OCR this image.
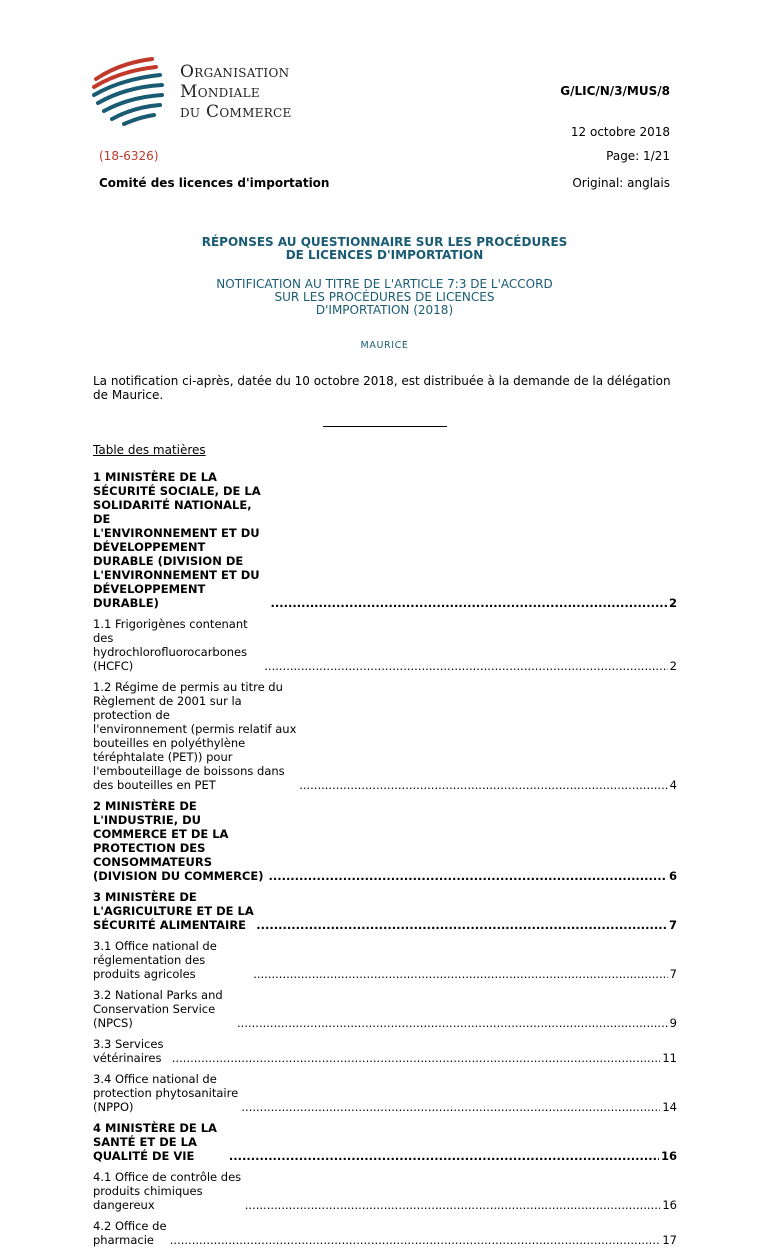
Organisation
Mondiale
du Commerce
G/LIC/N/3/MUS/8
12 octobre 2018
(18-6326)	Page: 1/21
Comité des licences d'importation	Original: anglais
RÉPONSES AU QUESTIONNAIRE SUR LES PROCÉDURES
DE LICENCES D'IMPORTATION
NOTIFICATION AU TITRE DE L'ARTICLE 7:3 DE L'ACCORD
SUR LES PROCÉDURES DE LICENCES
D'IMPORTATION (2018)
MAURICE
La notification ci-après, datée du 10 octobre 2018, est distribuée à la demande de la délégation de Maurice.
Table des matières
1 MINISTÈRE DE LA SÉCURITÉ SOCIALE, DE LA SOLIDARITÉ NATIONALE, DE
L'ENVIRONNEMENT ET DU DÉVELOPPEMENT DURABLE (DIVISION DE
L'ENVIRONNEMENT ET DU DÉVELOPPEMENT DURABLE) .....	2
1.1 Frigorigènes contenant des hydrochlorofluorocarbones (HCFC) .....	2
1.2 Régime de permis au titre du Règlement de 2001 sur la protection de
l'environnement (permis relatif aux bouteilles en polyéthylène téréphtalate (PET)) pour
l'embouteillage de boissons dans des bouteilles en PET .....	4
2 MINISTÈRE DE L'INDUSTRIE, DU COMMERCE ET DE LA PROTECTION DES
CONSOMMATEURS (DIVISION DU COMMERCE) .....	6
3 MINISTÈRE DE L'AGRICULTURE ET DE LA SÉCURITÉ ALIMENTAIRE .....	7
3.1 Office national de réglementation des produits agricoles .....	7
3.2 National Parks and Conservation Service (NPCS) .....	9
3.3 Services vétérinaires .....	11
3.4 Office national de protection phytosanitaire (NPPO) .....	14
4 MINISTÈRE DE LA SANTÉ ET DE LA QUALITÉ DE VIE .....	16
4.1 Office de contrôle des produits chimiques dangereux .....	16
4.2 Office de pharmacie .....	17
